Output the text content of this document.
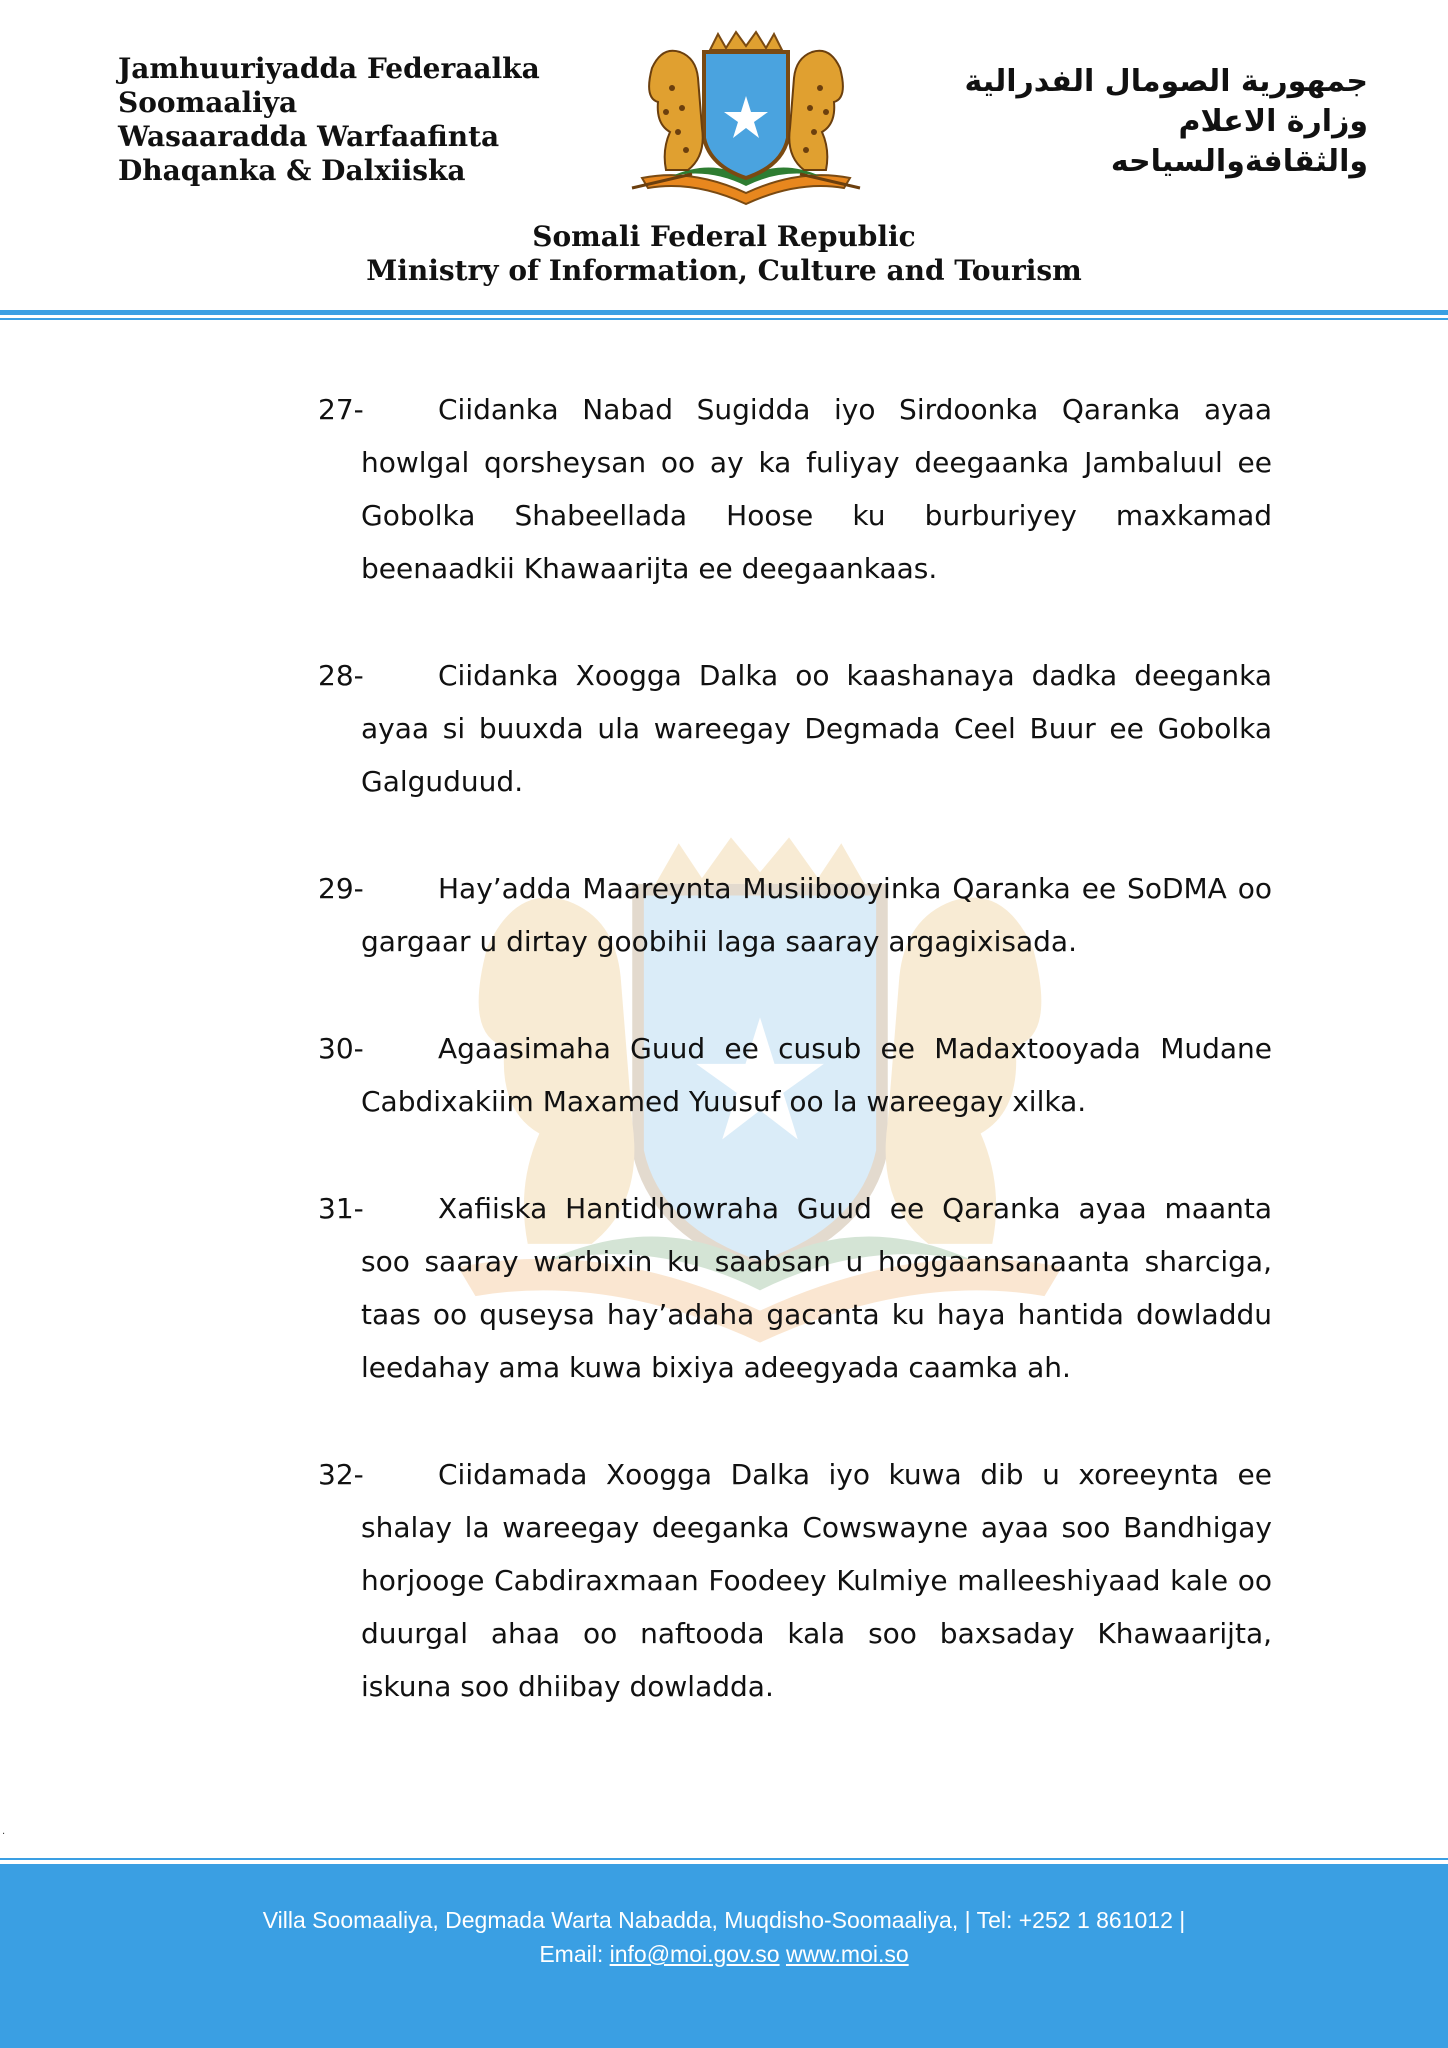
Jamhuuriyadda Federaalka
Soomaaliya
Wasaaradda Warfaafinta
Dhaqanka & Dalxiiska
جمهورية الصومال الفدرالية
وزارة الاعلام
والثقافةوالسياحه
Somali Federal Republic
Ministry of Information, Culture and Tourism
27-	Ciidanka Nabad Sugidda iyo Sirdoonka Qaranka ayaa howlgal qorsheysan oo ay ka fuliyay deegaanka Jambaluul ee Gobolka Shabeellada Hoose ku burburiyey maxkamad beenaadkii Khawaarijta ee deegaankaas.
28-	Ciidanka Xoogga Dalka oo kaashanaya dadka deeganka ayaa si buuxda ula wareegay Degmada Ceel Buur ee Gobolka Galguduud.
29-	Hay’adda Maareynta Musiibooyinka Qaranka ee SoDMA oo gargaar u dirtay goobihii laga saaray argagixisada.
30-	Agaasimaha Guud ee cusub ee Madaxtooyada Mudane Cabdixakiim Maxamed Yuusuf oo la wareegay xilka.
31-	Xafiiska Hantidhowraha Guud ee Qaranka ayaa maanta soo saaray warbixin ku saabsan u hoggaansanaanta sharciga, taas oo quseysa hay’adaha gacanta ku haya hantida dowladdu leedahay ama kuwa bixiya adeegyada caamka ah.
32-	Ciidamada Xoogga Dalka iyo kuwa dib u xoreeynta ee shalay la wareegay deeganka Cowswayne ayaa soo Bandhigay horjooge Cabdiraxmaan Foodeey Kulmiye malleeshiyaad kale oo duurgal ahaa oo naftooda kala soo baxsaday Khawaarijta, iskuna soo dhiibay dowladda.
.
Villa Soomaaliya, Degmada Warta Nabadda, Muqdisho-Soomaaliya, | Tel: +252 1 861012 |
Email: info@moi.gov.so www.moi.so
